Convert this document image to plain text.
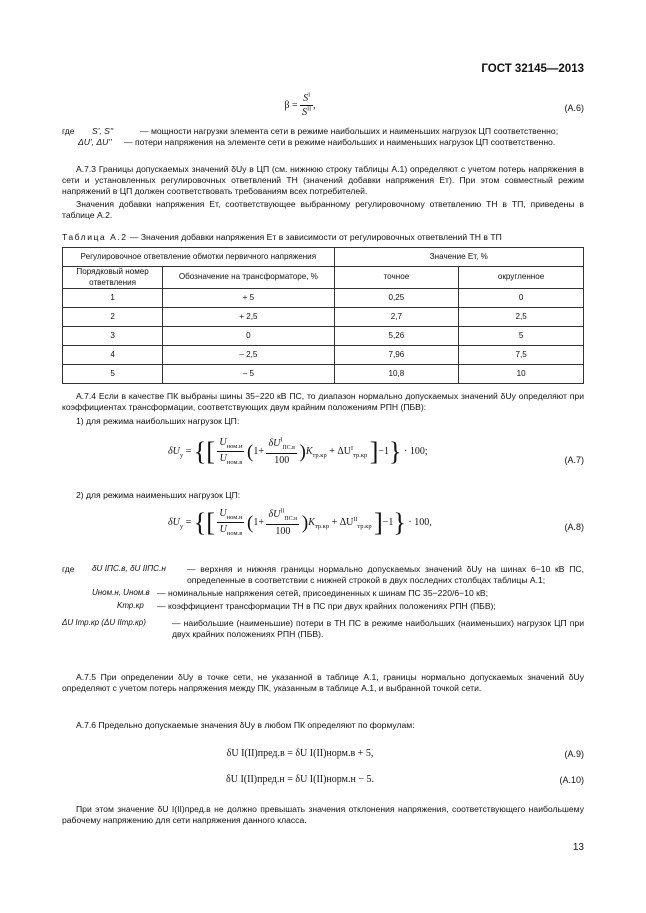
ГОСТ 32145—2013
$\beta = \frac{S^I}{S^{II}}$ ,	(А.6)
где	S', S''	— мощности нагрузки элемента сети в режиме наибольших и наименьших нагрузок ЦП соответственно;
ΔU', ΔU''	— потери напряжения на элементе сети в режиме наибольших и наименьших нагрузок ЦП соответственно.
А.7.3 Границы допускаемых значений δUy в ЦП (см. нижнюю строку таблицы А.1) определяют с учетом потерь напряжения в сети и установленных регулировочных ответвлений ТН (значений добавки напряжения Ет). При этом совместный режим напряжений в ЦП должен соответствовать требованиям всех потребителей.
Значения добавки напряжения Ет, соответствующее выбранному регулировочному ответвлению ТН в ТП, приведены в таблице А.2.
Таблица А.2 — Значения добавки напряжения Ет в зависимости от регулировочных ответвлений ТН в ТП
Регулировочное ответвление обмотки первичного напряжения		Значение Ет, %	
Порядковый номер ответвления	Обозначение на трансформаторе, %	точное	округленное
1	+ 5	0,25	0
2	+ 2,5	2,7	2,5
3	0	5,26	5
4	– 2,5	7,96	7,5
5	– 5	10,8	10
А.7.4 Если в качестве ПК выбраны шины 35−220 кВ ПС, то диапазон нормально допускаемых значений δUy определяют при коэффициентах трансформации, соответствующих двум крайним положениям РПН (ПБВ):
1) для режима наибольших нагрузок ЦП:
$\delta U_y$ = {[ $\frac{U_{ном.н}}{U_{ном.в}} (1+ \frac{\delta U^I_{ПС.в}}{100} )K_{тр.кр} + \Delta U^I_{тр.кр}$ ]−1} · 100;
(А.7)
2) для режима наименьших нагрузок ЦП:
$\delta U_y$ = {[ $\frac{U_{ном.н}}{U_{ном.в}} (1+ \frac{\delta U^{II}_{ПС.н}}{100} )K_{тр.кр} + \Delta U^{II}_{тр.кр}$ ]−1} · 100,	(А.8)
где	δU IПС.в, δU IIПС.н	— верхняя и нижняя границы нормально допускаемых значений δUy на шинах 6−10 кВ ПС, определенные в соответствии с нижней строкой в двух последних столбцах таблицы А.1;
Uном.н, Uном.в — номинальные напряжения сетей, присоединенных к шинам ПС 35−220/6−10 кВ;
Kтр.кр	— коэффициент трансформации ТН в ПС при двух крайних положениях РПН (ПБВ);
ΔU Iтр.кр (ΔU IIтр.кр)	— наибольшие (наименьшие) потери в ТН ПС в режиме наибольших (наименьших) нагрузок ЦП при двух крайних положениях РПН (ПБВ).
А.7.5 При определении δUy в точке сети, не указанной в таблице А.1, границы нормально допускаемых значений δUy определяют с учетом потерь напряжения между ПК, указанным в таблице А.1, и выбранной точкой сети.
А.7.6 Предельно допускаемые значения δUy в любом ПК определяют по формулам:
δU I(II)пред.в = δU I(II)норм.в + 5,	(А.9)
δU I(II)пред.н = δU I(II)норм.н − 5.	(А.10)
При этом значение δU I(II)пред.в не должно превышать значения отклонения напряжения, соответствующего наибольшему рабочему напряжению для сети напряжения данного класса.
13
